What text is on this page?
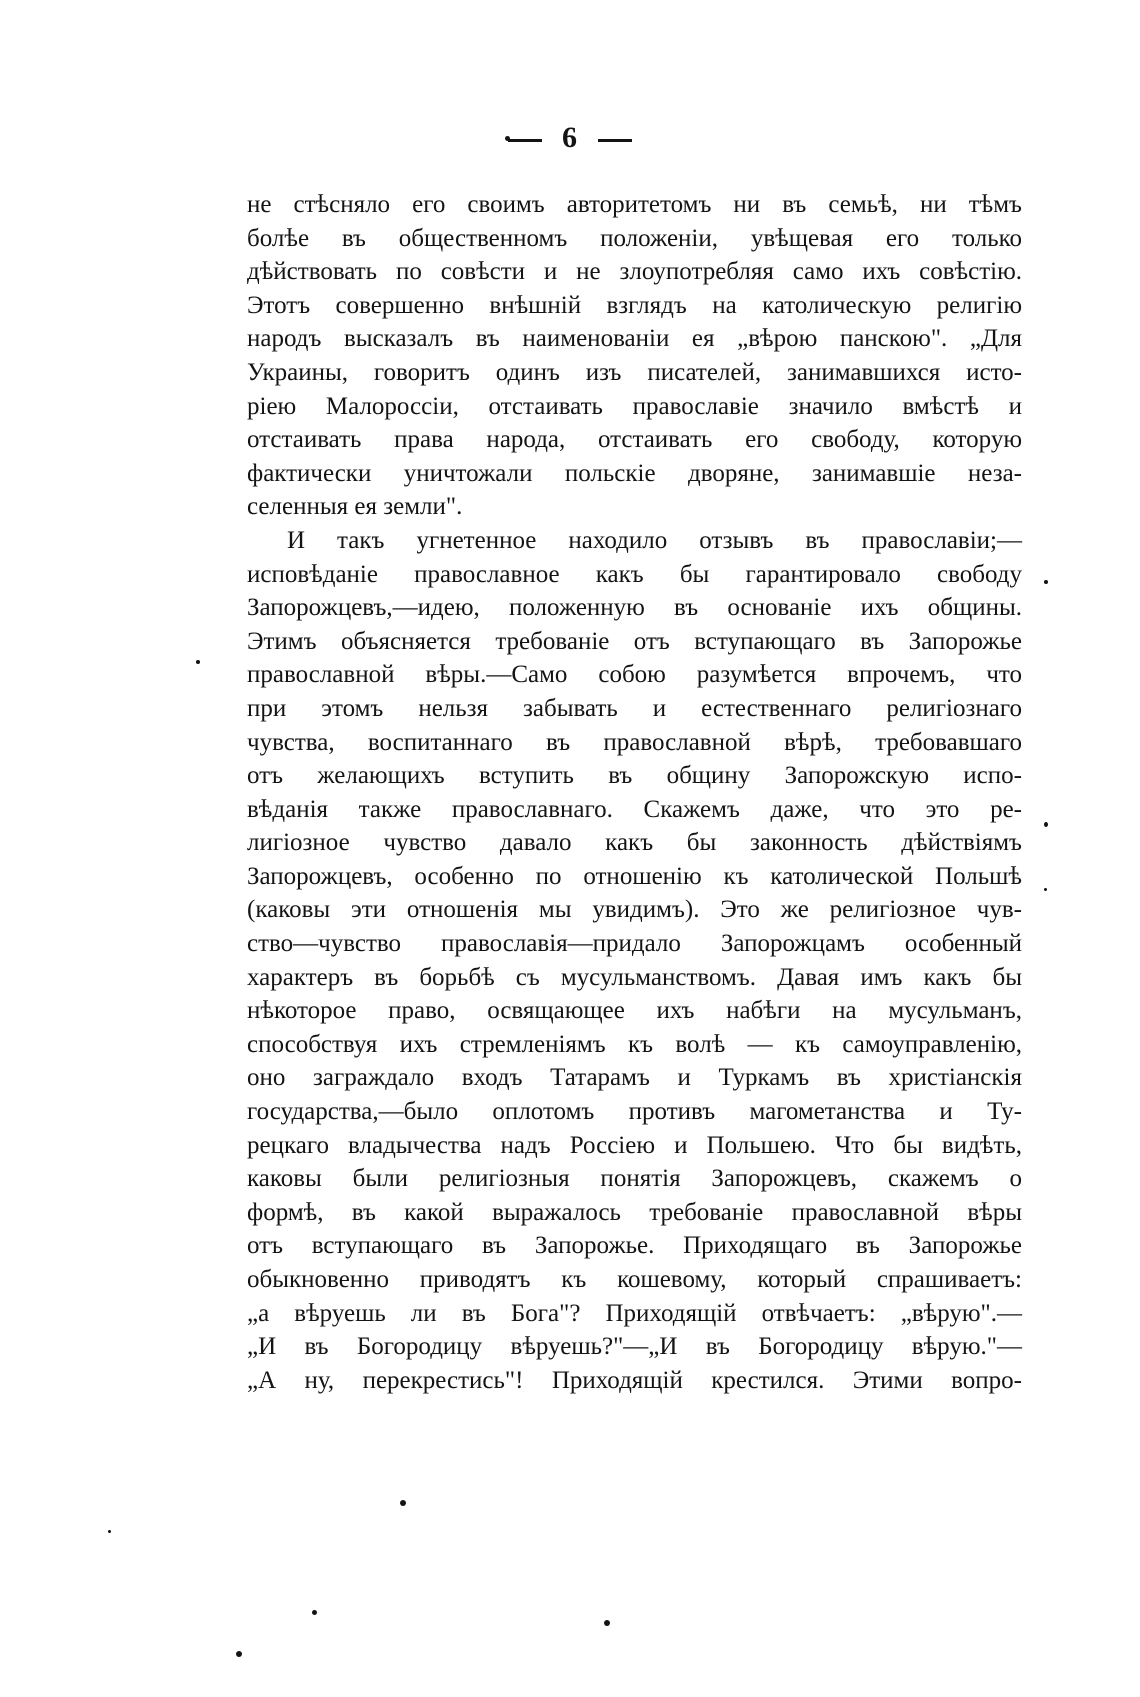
6
не стѣсняло его своимъ авторитетомъ ни въ семьѣ, ни тѣмъ
болѣе въ общественномъ положеніи, увѣщевая его только
дѣйствовать по совѣсти и не злоупотребляя само ихъ совѣстію.
Этотъ совершенно внѣшній взглядъ на католическую религію
народъ высказалъ въ наименованіи ея „вѣрою панскою". „Для
Украины, говоритъ одинъ изъ писателей, занимавшихся исто-
ріею Малороссіи, отстаивать православіе значило вмѣстѣ и
отстаивать права народа, отстаивать его свободу, которую
фактически уничтожали польскіе дворяне, занимавшіе неза-
селенныя ея земли".
И такъ угнетенное находило отзывъ въ православіи;—
исповѣданіе православное какъ бы гарантировало свободу
Запорожцевъ,—идею, положенную въ основаніе ихъ общины.
Этимъ объясняется требованіе отъ вступающаго въ Запорожье
православной вѣры.—Само собою разумѣется впрочемъ, что
при этомъ нельзя забывать и естественнаго религіознаго
чувства, воспитаннаго въ православной вѣрѣ, требовавшаго
отъ желающихъ вступить въ общину Запорожскую испо-
вѣданія также православнаго. Скажемъ даже, что это ре-
лигіозное чувство давало какъ бы законность дѣйствіямъ
Запорожцевъ, особенно по отношенію къ католической Польшѣ
(каковы эти отношенія мы увидимъ). Это же религіозное чув-
ство—чувство православія—придало Запорожцамъ особенный
характеръ въ борьбѣ съ мусульманствомъ. Давая имъ какъ бы
нѣкоторое право, освящающее ихъ набѣги на мусульманъ,
способствуя ихъ стремленіямъ къ волѣ — къ самоуправленію,
оно заграждало входъ Татарамъ и Туркамъ въ христіанскія
государства,—было оплотомъ противъ магометанства и Ту-
рецкаго владычества надъ Россіею и Польшею. Что бы видѣть,
каковы были религіозныя понятія Запорожцевъ, скажемъ о
формѣ, въ какой выражалось требованіе православной вѣры
отъ вступающаго въ Запорожье. Приходящаго въ Запорожье
обыкновенно приводятъ къ кошевому, который спрашиваетъ:
„а вѣруешь ли въ Бога"? Приходящій отвѣчаетъ: „вѣрую".—
„И въ Богородицу вѣруешь?"—„И въ Богородицу вѣрую."—
„А ну, перекрестись"! Приходящій крестился. Этими вопро-
